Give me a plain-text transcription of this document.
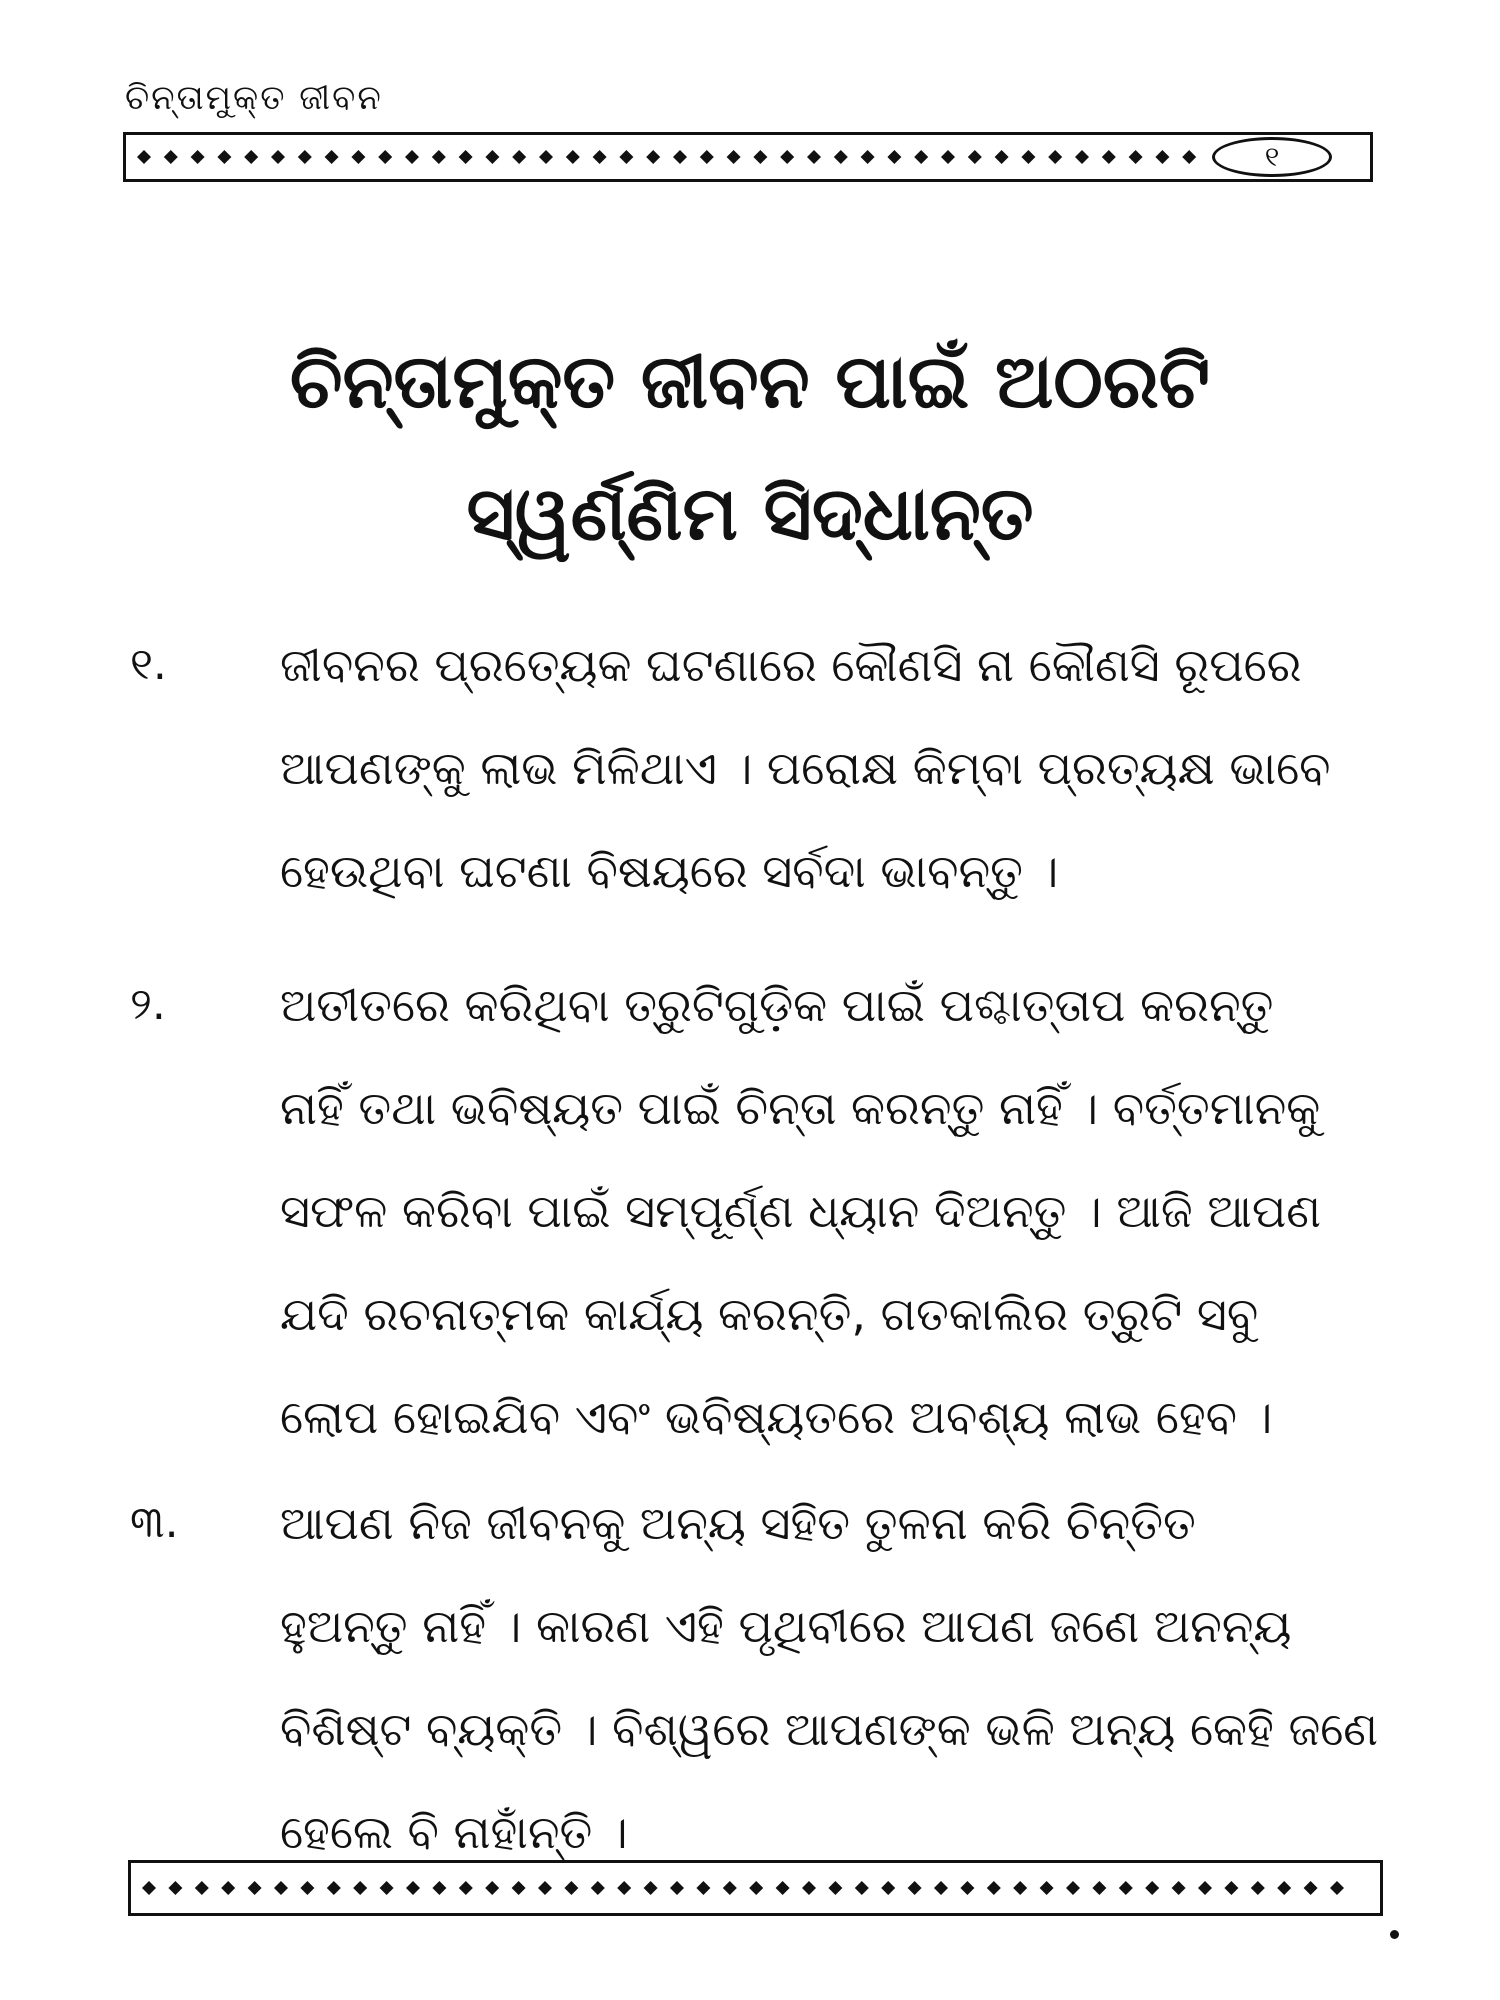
ଚିନ୍ତାମୁକ୍ତ ଜୀବନ
୧
ଚିନ୍ତାମୁକ୍ତ ଜୀବନ ପାଇଁ ଅଠରଟି
ସ୍ୱର୍ଣ୍ଣିମ ସିଦ୍ଧାନ୍ତ
୧.	ଜୀବନର ପ୍ରତ୍ୟେକ ଘଟଣାରେ କୌଣସି ନା କୌଣସି ରୂପରେ
ଆପଣଙ୍କୁ ଲାଭ ମିଳିଥାଏ । ପରୋକ୍ଷ କିମ୍ବା ପ୍ରତ୍ୟକ୍ଷ ଭାବେ
ହେଉଥିବା ଘଟଣା ବିଷୟରେ ସର୍ବଦା ଭାବନ୍ତୁ ।
୨.	ଅତୀତରେ କରିଥିବା ତ୍ରୁଟିଗୁଡ଼ିକ ପାଇଁ ପଶ୍ଚାତ୍ତାପ କରନ୍ତୁ
ନାହିଁ ତଥା ଭବିଷ୍ୟତ ପାଇଁ ଚିନ୍ତା କରନ୍ତୁ ନାହିଁ । ବର୍ତ୍ତମାନକୁ
ସଫଳ କରିବା ପାଇଁ ସମ୍ପୂର୍ଣ୍ଣ ଧ୍ୟାନ ଦିଅନ୍ତୁ । ଆଜି ଆପଣ
ଯଦି ରଚନାତ୍ମକ କାର୍ଯ୍ୟ କରନ୍ତି, ଗତକାଲିର ତ୍ରୁଟି ସବୁ
ଲୋପ ହୋଇଯିବ ଏବଂ ଭବିଷ୍ୟତରେ ଅବଶ୍ୟ ଲାଭ ହେବ ।
୩.	ଆପଣ ନିଜ ଜୀବନକୁ ଅନ୍ୟ ସହିତ ତୁଳନା କରି ଚିନ୍ତିତ
ହୁଅନ୍ତୁ ନାହିଁ । କାରଣ ଏହି ପୃଥିବୀରେ ଆପଣ ଜଣେ ଅନନ୍ୟ
ବିଶିଷ୍ଟ ବ୍ୟକ୍ତି । ବିଶ୍ୱରେ ଆପଣଙ୍କ ଭଳି ଅନ୍ୟ କେହି ଜଣେ
ହେଲେ ବି ନାହାଁନ୍ତି ।
